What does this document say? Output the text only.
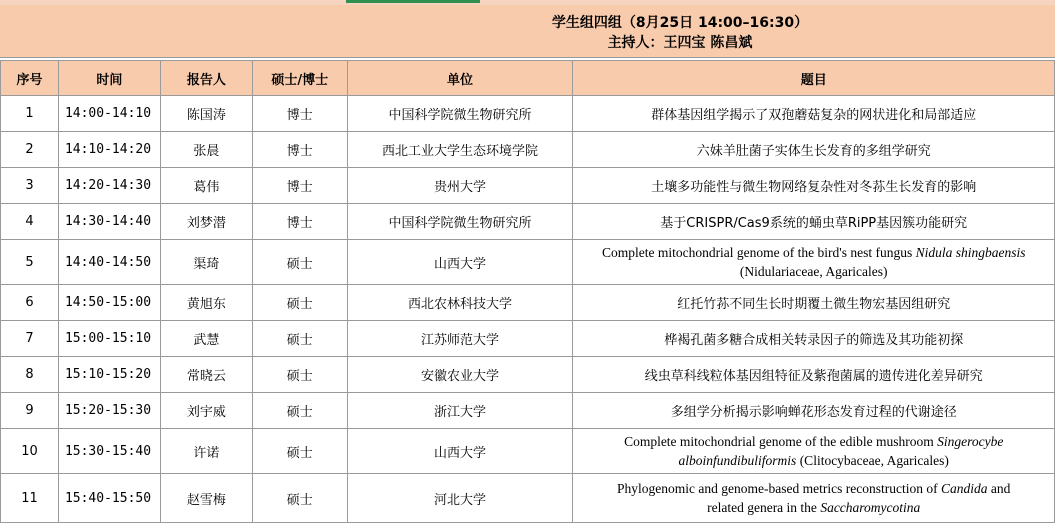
学生组四组（8月25日 14:00–16:30）
主持人：王四宝 陈昌斌
序号	时间	报告人	硕士/博士	单位	题目
1	14:00-14:10	陈国涛	博士	中国科学院微生物研究所	群体基因组学揭示了双孢蘑菇复杂的网状进化和局部适应
2	14:10-14:20	张晨	博士	西北工业大学生态环境学院	六妹羊肚菌子实体生长发育的多组学研究
3	14:20-14:30	葛伟	博士	贵州大学	土壤多功能性与微生物网络复杂性对冬荪生长发育的影响
4	14:30-14:40	刘梦潜	博士	中国科学院微生物研究所	基于CRISPR/Cas9系统的蛹虫草RiPP基因簇功能研究
5	14:40-14:50	渠琦	硕士	山西大学	Complete mitochondrial genome of the bird's nest fungus Nidula shingbaensis
(Nidulariaceae, Agaricales)
6	14:50-15:00	黄旭东	硕士	西北农林科技大学	红托竹荪不同生长时期覆土微生物宏基因组研究
7	15:00-15:10	武慧	硕士	江苏师范大学	桦褐孔菌多糖合成相关转录因子的筛选及其功能初探
8	15:10-15:20	常晓云	硕士	安徽农业大学	线虫草科线粒体基因组特征及紫孢菌属的遗传进化差异研究
9	15:20-15:30	刘宇威	硕士	浙江大学	多组学分析揭示影响蝉花形态发育过程的代谢途径
10	15:30-15:40	许诺	硕士	山西大学	Complete mitochondrial genome of the edible mushroom Singerocybe
alboinfundibuliformis (Clitocybaceae, Agaricales)
11	15:40-15:50	赵雪梅	硕士	河北大学	Phylogenomic and genome-based metrics reconstruction of Candida and
related genera in the Saccharomycotina
